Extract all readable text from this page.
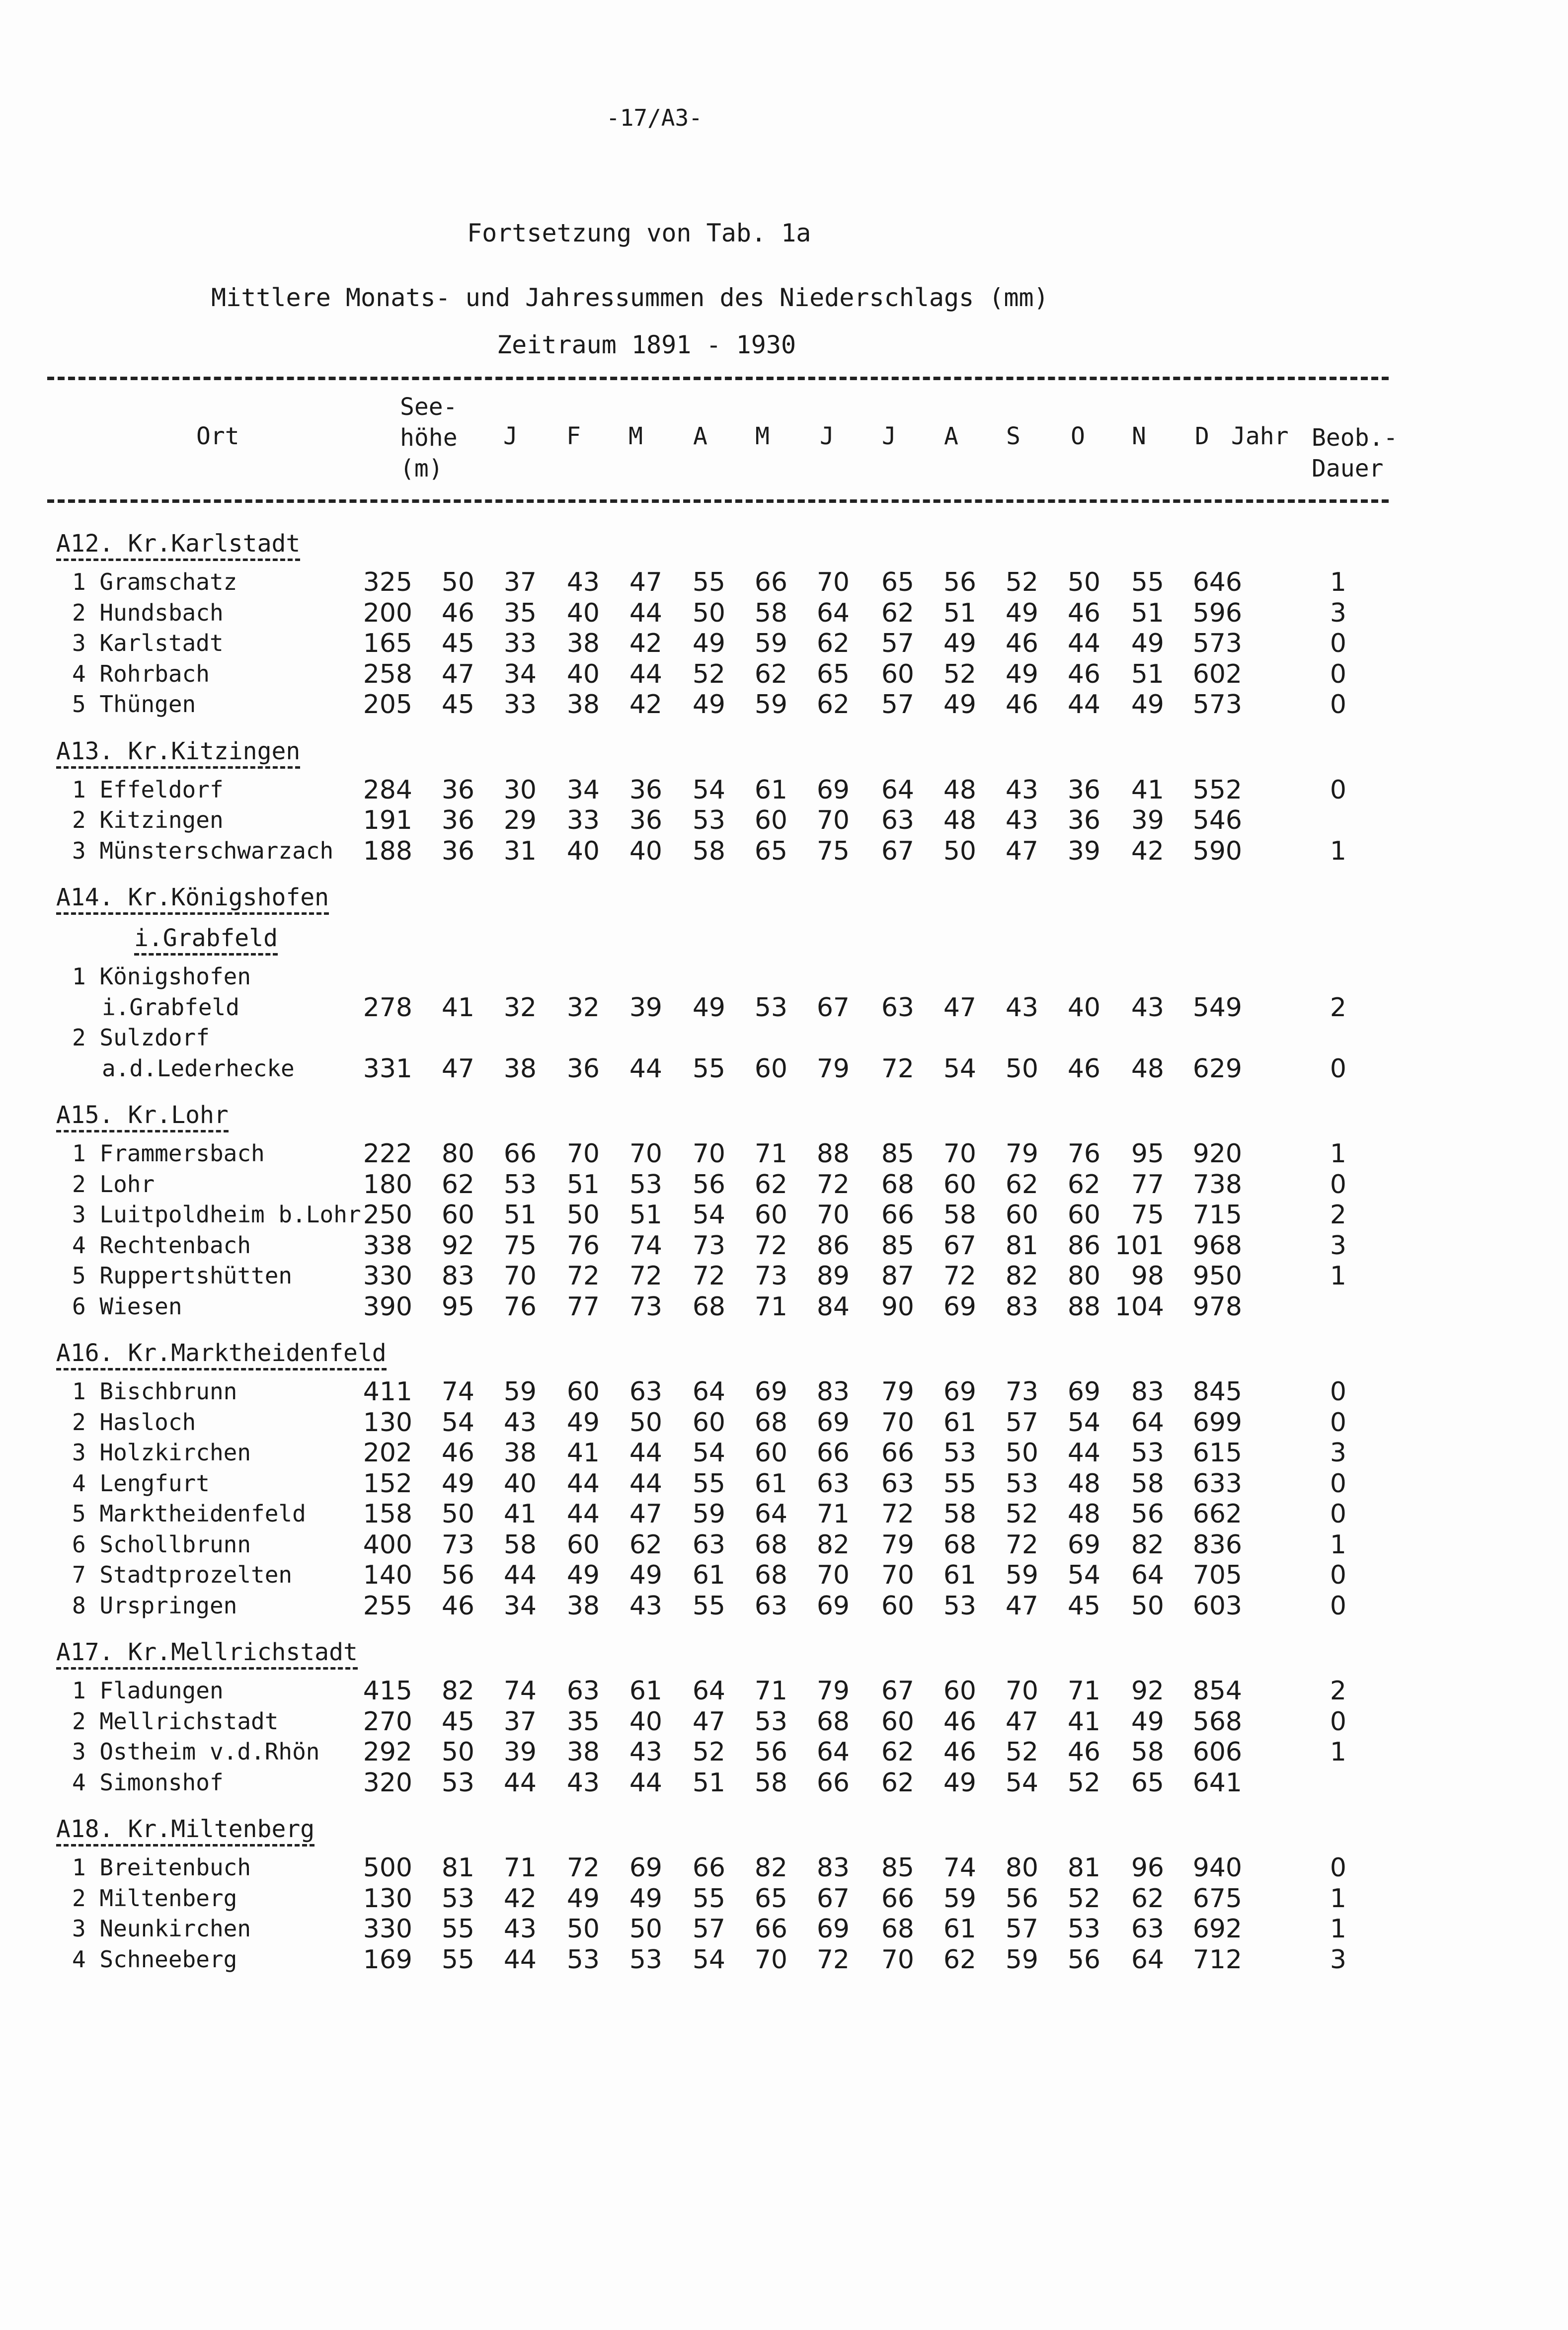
-17/A3-
Fortsetzung von Tab. 1a
Mittlere Monats- und Jahressummen des Niederschlags (mm)
Zeitraum 1891 - 1930
Ort
See-
höhe
(m)
J F M A M J J A S O N D Jahr Beob.-
Dauer
A12. Kr.Karlstadt
1 Gramschatz	325	50	37	43	47	55	66	70	65	56	52	50	55 646	1
2 Hundsbach	200	46	35	40	44	50	58	64	62	51	49	46	51 596	3
3 Karlstadt	165	45	33	38	42	49	59	62	57	49	46	44	49 573	0
4 Rohrbach	258	47	34	40	44	52	62	65	60	52	49	46	51 602	0
5 Thüngen	205	45	33	38	42	49	59	62	57	49	46	44	49 573	0
A13. Kr.Kitzingen
1 Effeldorf	284	36	30	34	36	54	61	69	64	48	43	36	41 552	0
2 Kitzingen	191	36	29	33	36	53	60	70	63	48	43	36	39 546
3 Münsterschwarzach 188	36	31	40	40	58	65	75	67	50	47	39	42 590	1
A14. Kr.Königshofen
i.Grabfeld
1 Königshofen
i.Grabfeld	278	41	32	32	39	49	53	67	63	47	43	40	43 549	2
2 Sulzdorf
a.d.Lederhecke	331	47	38	36	44	55	60	79	72	54	50	46	48 629	0
A15. Kr.Lohr
1 Frammersbach	222	80	66	70	70	70	71	88	85	70	79	76	95 920	1
2 Lohr	180	62	53	51	53	56	62	72	68	60	62	62	77 738	0
3 Luitpoldheim b.Lohr 250	60	51	50	51	54	60	70	66	58	60	60	75 715	2
4 Rechtenbach	338	92	75	76	74	73	72	86	85	67	81	86 101 968	3
5 Ruppertshütten	330	83	70	72	72	72	73	89	87	72	82	80	98 950	1
6 Wiesen	390	95	76	77	73	68	71	84	90	69	83	88 104 978
A16. Kr.Marktheidenfeld
1 Bischbrunn	411	74	59	60	63	64	69	83	79	69	73	69	83 845	0
2 Hasloch	130	54	43	49	50	60	68	69	70	61	57	54	64 699	0
3 Holzkirchen	202	46	38	41	44	54	60	66	66	53	50	44	53 615	3
4 Lengfurt	152	49	40	44	44	55	61	63	63	55	53	48	58 633	0
5 Marktheidenfeld 158	50	41	44	47	59	64	71	72	58	52	48	56 662	0
6 Schollbrunn	400	73	58	60	62	63	68	82	79	68	72	69	82 836	1
7 Stadtprozelten	140	56	44	49	49	61	68	70	70	61	59	54	64 705	0
8 Urspringen	255	46	34	38	43	55	63	69	60	53	47	45	50 603	0
A17. Kr.Mellrichstadt
1 Fladungen	415	82	74	63	61	64	71	79	67	60	70	71	92 854	2
2 Mellrichstadt	270	45	37	35	40	47	53	68	60	46	47	41	49 568	0
3 Ostheim v.d.Rhön 292	50	39	38	43	52	56	64	62	46	52	46	58 606	1
4 Simonshof	320	53	44	43	44	51	58	66	62	49	54	52	65 641
A18. Kr.Miltenberg
1 Breitenbuch	500	81	71	72	69	66	82	83	85	74	80	81	96 940	0
2 Miltenberg	130	53	42	49	49	55	65	67	66	59	56	52	62 675	1
3 Neunkirchen	330	55	43	50	50	57	66	69	68	61	57	53	63 692	1
4 Schneeberg	169	55	44	53	53	54	70	72	70	62	59	56	64 712	3
